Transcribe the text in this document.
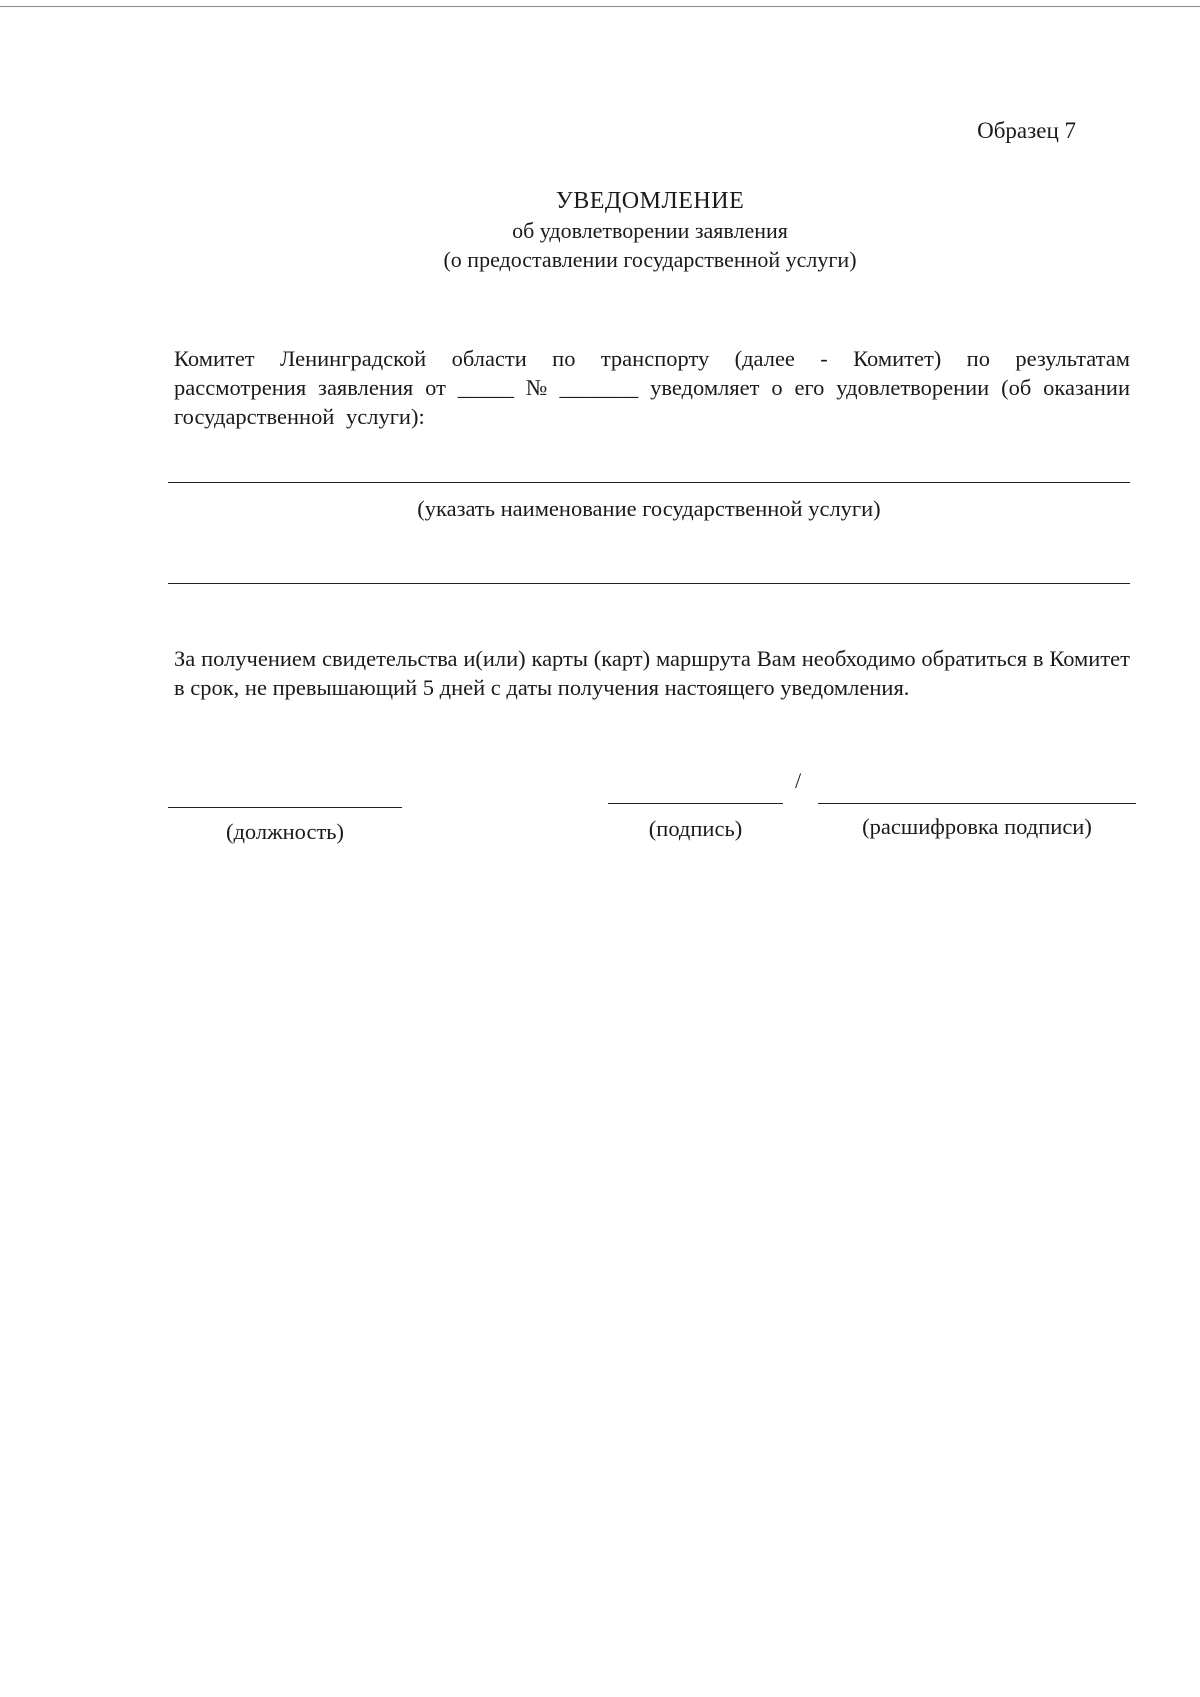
Образец 7
УВЕДОМЛЕНИЕ
об удовлетворении заявления
(о предоставлении государственной услуги)
Комитет Ленинградской области по транспорту (далее - Комитет) по результатам рассмотрения заявления от _____ № _______ уведомляет о его удовлетворении (об оказании государственной услуги):
(указать наименование государственной услуги)
За получением свидетельства и(или) карты (карт) маршрута Вам необходимо обратиться в Комитет в срок, не превышающий 5 дней с даты получения настоящего уведомления.
/
(должность)	(подпись)	(расшифровка подписи)
